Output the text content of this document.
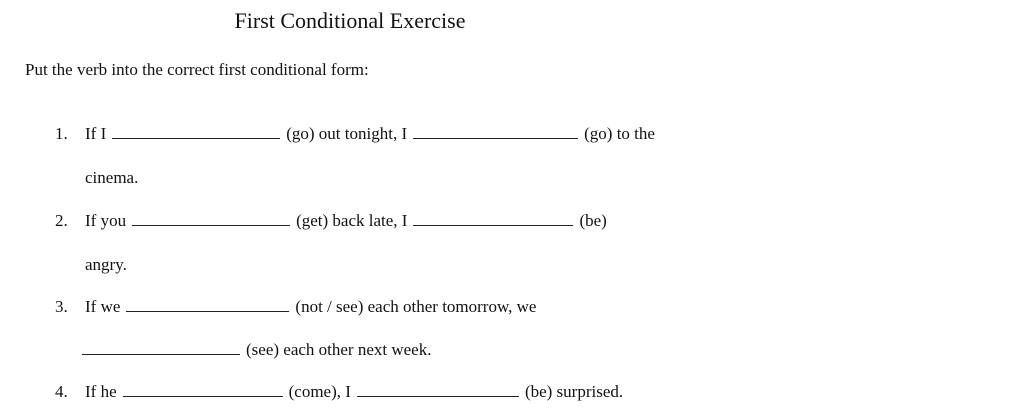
First Conditional Exercise
Put the verb into the correct first conditional form:
1.	If I	(go) out tonight, I	(go) to the
cinema.
2.	If you	(get) back late, I	(be)
angry.
3.	If we	(not / see) each other tomorrow, we
(see) each other next week.
4.	If he	(come), I	(be) surprised.
